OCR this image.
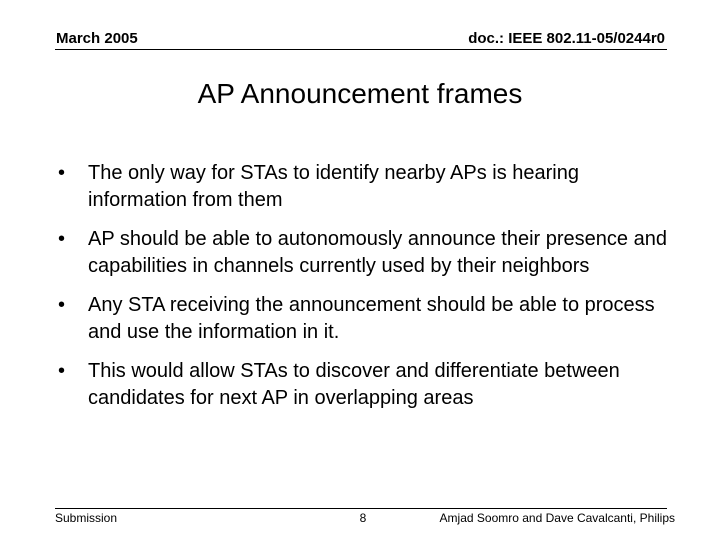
March 2005	doc.: IEEE 802.11-05/0244r0
AP Announcement frames
•	The only way for STAs to identify nearby APs is hearing information from them
•	AP should be able to autonomously announce their presence and capabilities in channels currently used by their neighbors
•	Any STA receiving the announcement should be able to process and use the information in it.
•	This would allow STAs to discover and differentiate between candidates for next AP in overlapping areas
Submission	8	Amjad Soomro and Dave Cavalcanti, Philips
